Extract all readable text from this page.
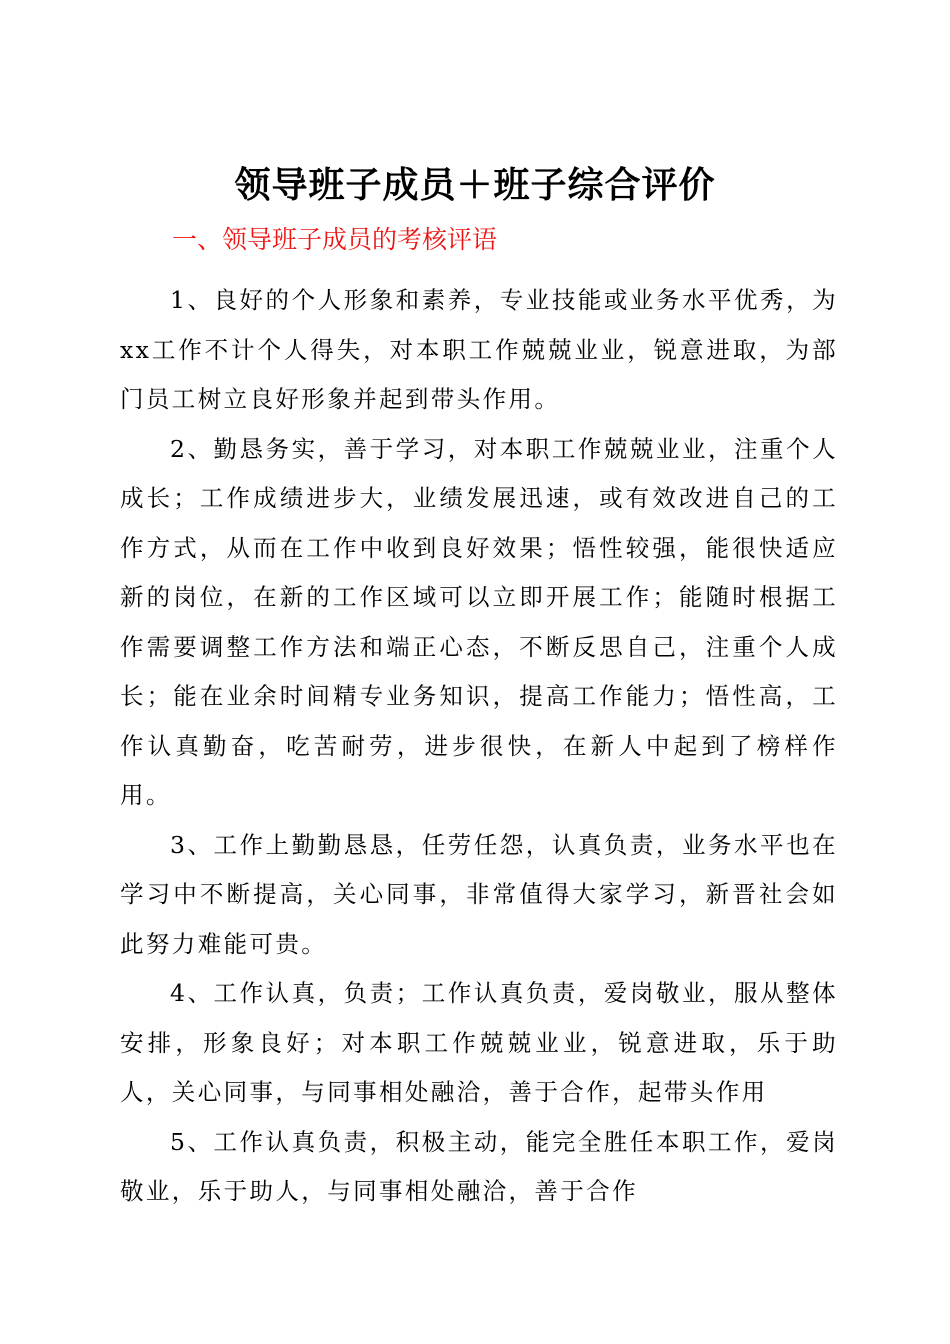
领导班子成员＋班子综合评价
一、领导班子成员的考核评语

1、良好的个人形象和素养，专业技能或业务水平优秀，为xx工作不计个人得失，对本职工作兢兢业业，锐意进取，为部门员工树立良好形象并起到带头作用。

2、勤恳务实，善于学习，对本职工作兢兢业业，注重个人成长；工作成绩进步大，业绩发展迅速，或有效改进自己的工作方式，从而在工作中收到良好效果；悟性较强，能很快适应新的岗位，在新的工作区域可以立即开展工作；能随时根据工作需要调整工作方法和端正心态，不断反思自己，注重个人成长；能在业余时间精专业务知识，提高工作能力；悟性高，工作认真勤奋，吃苦耐劳，进步很快，在新人中起到了榜样作用。

3、工作上勤勤恳恳，任劳任怨，认真负责，业务水平也在学习中不断提高，关心同事，非常值得大家学习，新晋社会如此努力难能可贵。

4、工作认真，负责；工作认真负责，爱岗敬业，服从整体安排，形象良好；对本职工作兢兢业业，锐意进取，乐于助人，关心同事，与同事相处融洽，善于合作，起带头作用

5、工作认真负责，积极主动，能完全胜任本职工作，爱岗敬业，乐于助人，与同事相处融洽，善于合作
